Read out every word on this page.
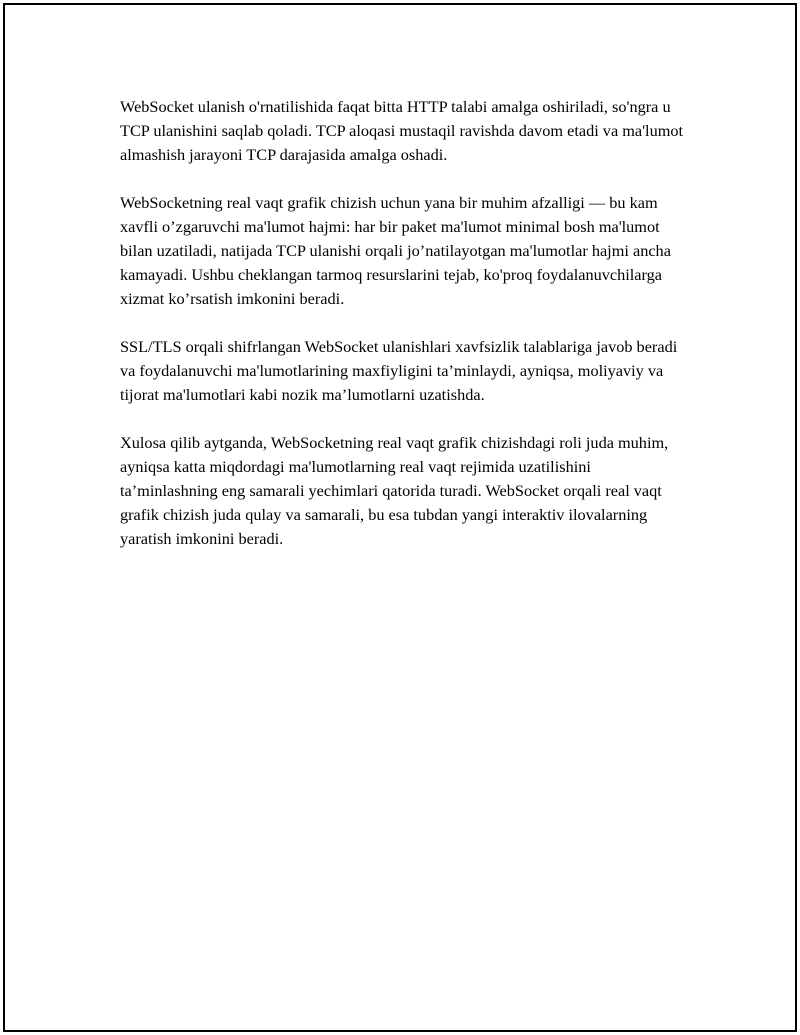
WebSocket ulanish o'rnatilishida faqat bitta HTTP talabi amalga oshiriladi, so'ngra u TCP ulanishini saqlab qoladi. TCP aloqasi mustaqil ravishda davom etadi va ma'lumot almashish jarayoni TCP darajasida amalga oshadi.

WebSocketning real vaqt grafik chizish uchun yana bir muhim afzalligi — bu kam xavfli o’zgaruvchi ma'lumot hajmi: har bir paket ma'lumot minimal bosh ma'lumot bilan uzatiladi, natijada TCP ulanishi orqali jo’natilayotgan ma'lumotlar hajmi ancha kamayadi. Ushbu cheklangan tarmoq resurslarini tejab, ko'proq foydalanuvchilarga xizmat ko’rsatish imkonini beradi.

SSL/TLS orqali shifrlangan WebSocket ulanishlari xavfsizlik talablariga javob beradi va foydalanuvchi ma'lumotlarining maxfiyligini ta’minlaydi, ayniqsa, moliyaviy va tijorat ma'lumotlari kabi nozik ma’lumotlarni uzatishda.

Xulosa qilib aytganda, WebSocketning real vaqt grafik chizishdagi roli juda muhim, ayniqsa katta miqdordagi ma'lumotlarning real vaqt rejimida uzatilishini ta’minlashning eng samarali yechimlari qatorida turadi. WebSocket orqali real vaqt grafik chizish juda qulay va samarali, bu esa tubdan yangi interaktiv ilovalarning yaratish imkonini beradi.
